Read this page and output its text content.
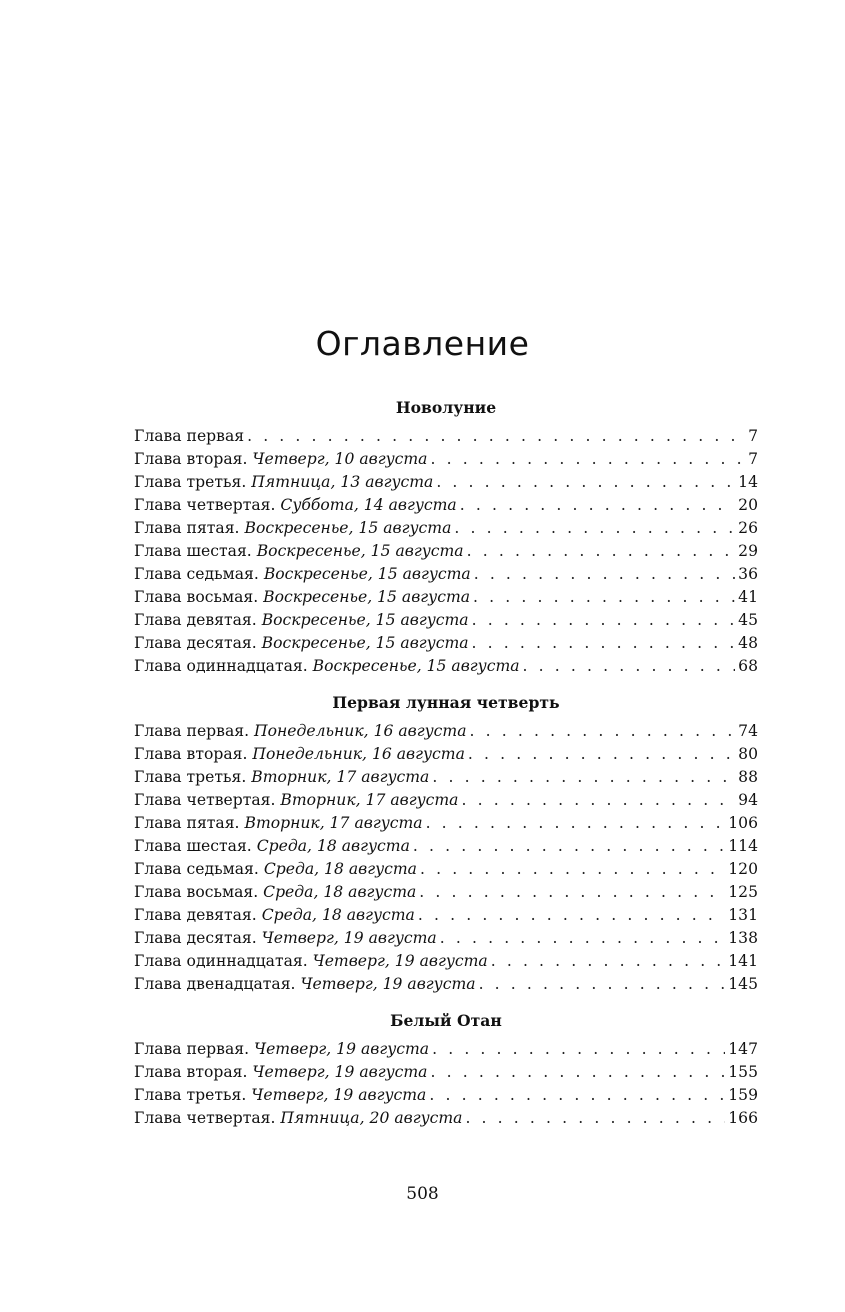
Оглавление
Новолуние
Глава первая . . .	7
Глава вторая. Четверг, 10 августа . . .	7
Глава третья. Пятница, 13 августа . . .	14
Глава четвертая. Суббота, 14 августа . . .	20
Глава пятая. Воскресенье, 15 августа . . .	26
Глава шестая. Воскресенье, 15 августа . . .	29
Глава седьмая. Воскресенье, 15 августа . . .	36
Глава восьмая. Воскресенье, 15 августа . . .	41
Глава девятая. Воскресенье, 15 августа . . .	45
Глава десятая. Воскресенье, 15 августа . . .	48
Глава одиннадцатая. Воскресенье, 15 августа . . .	68
Первая лунная четверть
Глава первая. Понедельник, 16 августа . . .	74
Глава вторая. Понедельник, 16 августа . . .	80
Глава третья. Вторник, 17 августа . . .	88
Глава четвертая. Вторник, 17 августа . . .	94
Глава пятая. Вторник, 17 августа . . .	106
Глава шестая. Среда, 18 августа . . .	114
Глава седьмая. Среда, 18 августа . . .	120
Глава восьмая. Среда, 18 августа . . .	125
Глава девятая. Среда, 18 августа . . .	131
Глава десятая. Четверг, 19 августа . . .	138
Глава одиннадцатая. Четверг, 19 августа . . .	141
Глава двенадцатая. Четверг, 19 августа . . .	145
Белый Отан
Глава первая. Четверг, 19 августа . . .	147
Глава вторая. Четверг, 19 августа . . .	155
Глава третья. Четверг, 19 августа . . .	159
Глава четвертая. Пятница, 20 августа . . .	166
508
